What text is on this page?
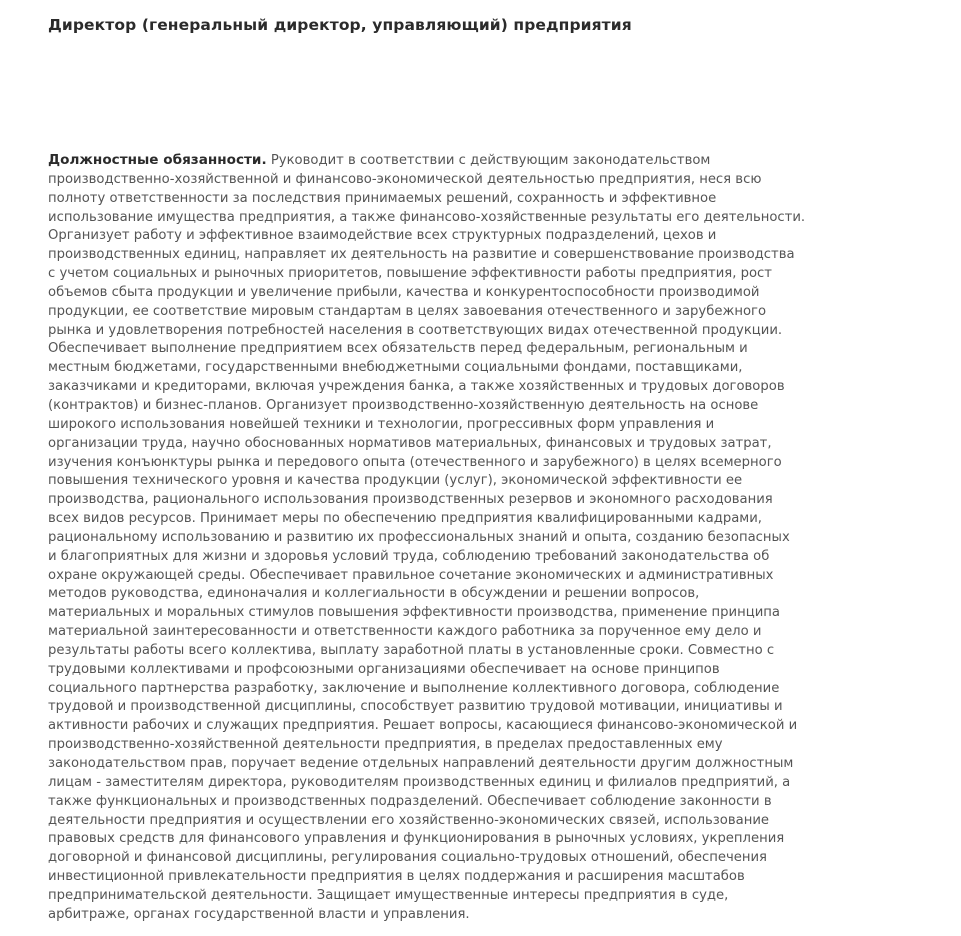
Директор (генеральный директор, управляющий) предприятия
Должностные обязанности. Руководит в соответствии с действующим законодательством
производственно-хозяйственной и финансово-экономической деятельностью предприятия, неся всю
полноту ответственности за последствия принимаемых решений, сохранность и эффективное
использование имущества предприятия, а также финансово-хозяйственные результаты его деятельности.
Организует работу и эффективное взаимодействие всех структурных подразделений, цехов и
производственных единиц, направляет их деятельность на развитие и совершенствование производства
с учетом социальных и рыночных приоритетов, повышение эффективности работы предприятия, рост
объемов сбыта продукции и увеличение прибыли, качества и конкурентоспособности производимой
продукции, ее соответствие мировым стандартам в целях завоевания отечественного и зарубежного
рынка и удовлетворения потребностей населения в соответствующих видах отечественной продукции.
Обеспечивает выполнение предприятием всех обязательств перед федеральным, региональным и
местным бюджетами, государственными внебюджетными социальными фондами, поставщиками,
заказчиками и кредиторами, включая учреждения банка, а также хозяйственных и трудовых договоров
(контрактов) и бизнес-планов. Организует производственно-хозяйственную деятельность на основе
широкого использования новейшей техники и технологии, прогрессивных форм управления и
организации труда, научно обоснованных нормативов материальных, финансовых и трудовых затрат,
изучения конъюнктуры рынка и передового опыта (отечественного и зарубежного) в целях всемерного
повышения технического уровня и качества продукции (услуг), экономической эффективности ее
производства, рационального использования производственных резервов и экономного расходования
всех видов ресурсов. Принимает меры по обеспечению предприятия квалифицированными кадрами,
рациональному использованию и развитию их профессиональных знаний и опыта, созданию безопасных
и благоприятных для жизни и здоровья условий труда, соблюдению требований законодательства об
охране окружающей среды. Обеспечивает правильное сочетание экономических и административных
методов руководства, единоначалия и коллегиальности в обсуждении и решении вопросов,
материальных и моральных стимулов повышения эффективности производства, применение принципа
материальной заинтересованности и ответственности каждого работника за порученное ему дело и
результаты работы всего коллектива, выплату заработной платы в установленные сроки. Совместно с
трудовыми коллективами и профсоюзными организациями обеспечивает на основе принципов
социального партнерства разработку, заключение и выполнение коллективного договора, соблюдение
трудовой и производственной дисциплины, способствует развитию трудовой мотивации, инициативы и
активности рабочих и служащих предприятия. Решает вопросы, касающиеся финансово-экономической и
производственно-хозяйственной деятельности предприятия, в пределах предоставленных ему
законодательством прав, поручает ведение отдельных направлений деятельности другим должностным
лицам - заместителям директора, руководителям производственных единиц и филиалов предприятий, а
также функциональных и производственных подразделений. Обеспечивает соблюдение законности в
деятельности предприятия и осуществлении его хозяйственно-экономических связей, использование
правовых средств для финансового управления и функционирования в рыночных условиях, укрепления
договорной и финансовой дисциплины, регулирования социально-трудовых отношений, обеспечения
инвестиционной привлекательности предприятия в целях поддержания и расширения масштабов
предпринимательской деятельности. Защищает имущественные интересы предприятия в суде,
арбитраже, органах государственной власти и управления.
